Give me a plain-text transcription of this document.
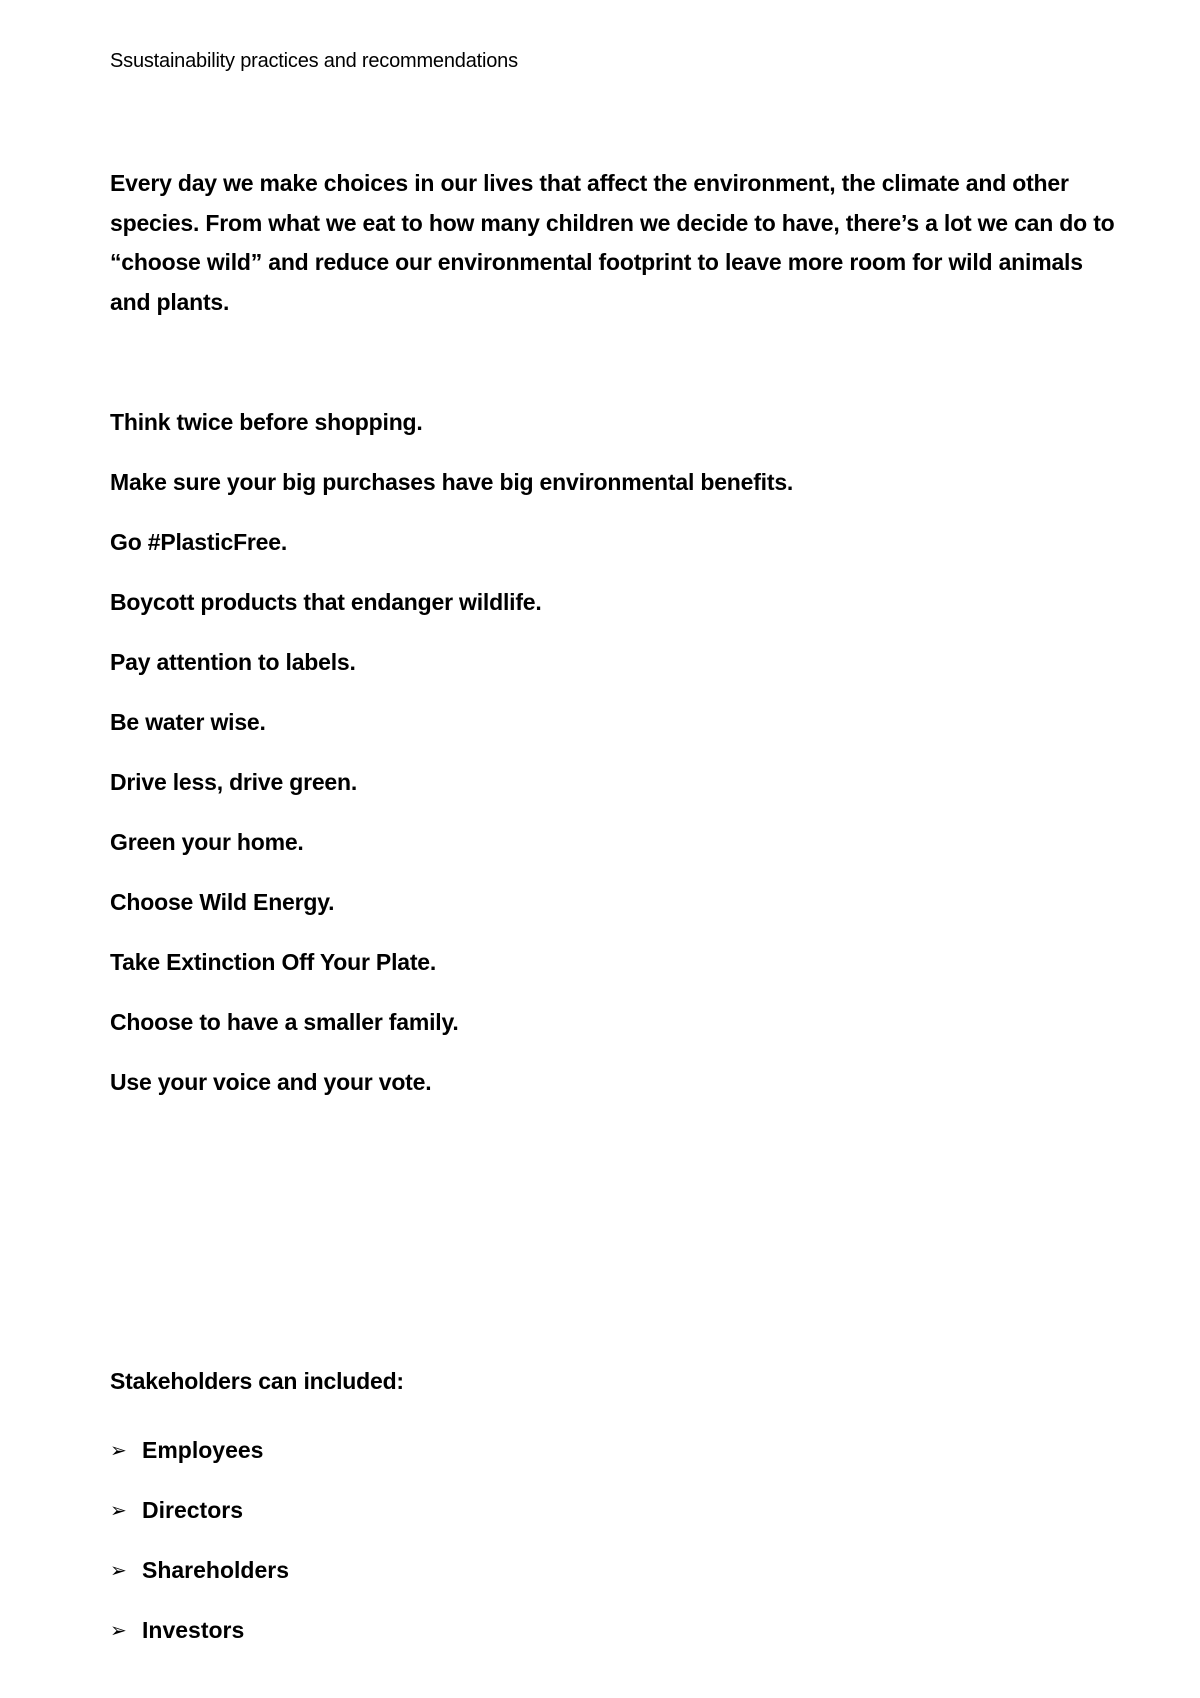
Ssustainability practices and recommendations

Every day we make choices in our lives that affect the environment, the climate and other species. From what we eat to how many children we decide to have, there’s a lot we can do to “choose wild” and reduce our environmental footprint to leave more room for wild animals and plants.

Think twice before shopping.
Make sure your big purchases have big environmental benefits.
Go #PlasticFree.
Boycott products that endanger wildlife.
Pay attention to labels.
Be water wise.
Drive less, drive green.
Green your home.
Choose Wild Energy.
Take Extinction Off Your Plate.
Choose to have a smaller family.
Use your voice and your vote.

Stakeholders can included:

➢ Employees
➢ Directors
➢ Shareholders
➢ Investors
